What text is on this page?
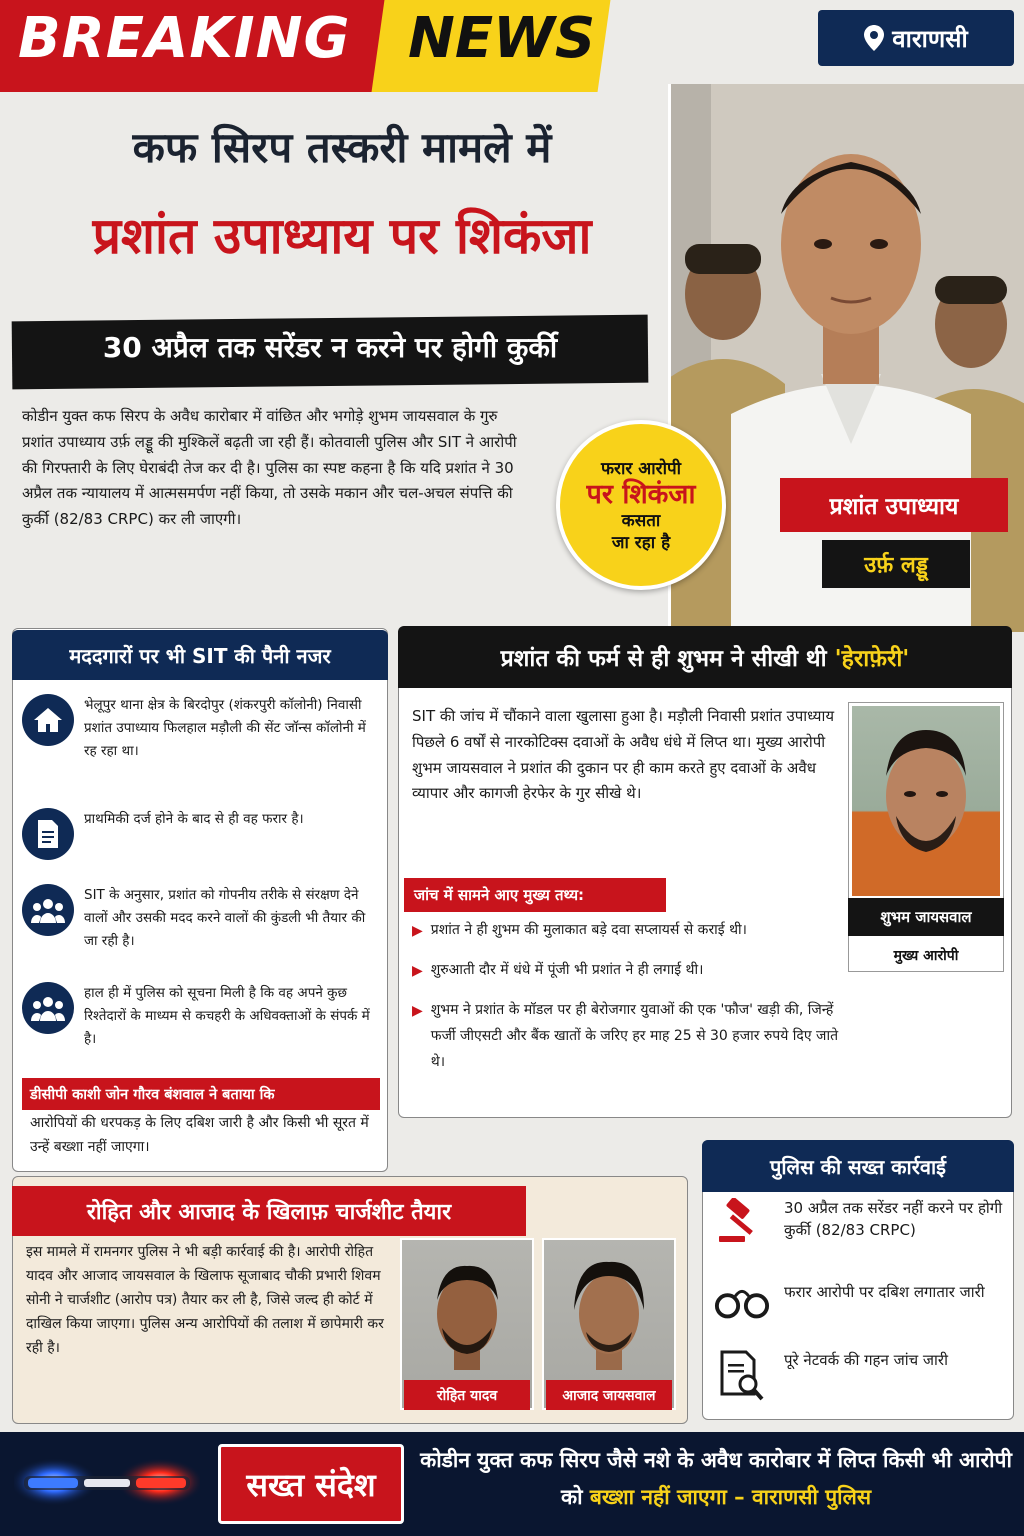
BREAKING NEWS	वाराणसी
कफ सिरप तस्करी मामले में
प्रशांत उपाध्याय पर शिकंजा
30 अप्रैल तक सरेंडर न करने पर होगी कुर्की
कोडीन युक्त कफ सिरप के अवैध कारोबार में वांछित और भगोड़े शुभम जायसवाल के गुरु प्रशांत उपाध्याय उर्फ़ लड्डू की मुश्किलें बढ़ती जा रही हैं। कोतवाली पुलिस और SIT ने आरोपी की गिरफ्तारी के लिए घेराबंदी तेज कर दी है। पुलिस का स्पष्ट कहना है कि यदि प्रशांत ने 30 अप्रैल तक न्यायालय में आत्मसमर्पण नहीं किया, तो उसके मकान और चल-अचल संपत्ति की कुर्की (82/83 CRPC) कर ली जाएगी।
फरार आरोपी
पर शिकंजा
कसता
जा रहा है
प्रशांत उपाध्याय
उर्फ़ लड्डू
मददगारों पर भी SIT की पैनी नजर
भेलूपुर थाना क्षेत्र के बिरदोपुर (शंकरपुरी कॉलोनी) निवासी प्रशांत उपाध्याय फिलहाल मड़ौली की सेंट जॉन्स कॉलोनी में रह रहा था।
प्राथमिकी दर्ज होने के बाद से ही वह फरार है।
SIT के अनुसार, प्रशांत को गोपनीय तरीके से संरक्षण देने वालों और उसकी मदद करने वालों की कुंडली भी तैयार की जा रही है।
हाल ही में पुलिस को सूचना मिली है कि वह अपने कुछ रिश्तेदारों के माध्यम से कचहरी के अधिवक्ताओं के संपर्क में है।
डीसीपी काशी जोन गौरव बंशवाल ने बताया कि
आरोपियों की धरपकड़ के लिए दबिश जारी है और किसी भी सूरत में उन्हें बख्शा नहीं जाएगा।
प्रशांत की फर्म से ही शुभम ने सीखी थी
'हेराफ़ेरी'
SIT की जांच में चौंकाने वाला खुलासा हुआ है। मड़ौली निवासी प्रशांत उपाध्याय पिछले 6 वर्षों से नारकोटिक्स दवाओं के अवैध धंधे में लिप्त था। मुख्य आरोपी शुभम जायसवाल ने प्रशांत की दुकान पर ही काम करते हुए दवाओं के अवैध व्यापार और कागजी हेरफेर के गुर सीखे थे।
जांच में सामने आए मुख्य तथ्य:
▶ प्रशांत ने ही शुभम की मुलाकात बड़े दवा सप्लायर्स से कराई थी।
▶ शुरुआती दौर में धंधे में पूंजी भी प्रशांत ने ही लगाई थी।
▶ शुभम ने प्रशांत के मॉडल पर ही बेरोजगार युवाओं की एक 'फौज' खड़ी की, जिन्हें फर्जी जीएसटी और बैंक खातों के जरिए हर माह 25 से 30 हजार रुपये दिए जाते थे।
शुभम जायसवाल
मुख्य आरोपी
रोहित और आजाद के खिलाफ़ चार्जशीट तैयार
इस मामले में रामनगर पुलिस ने भी बड़ी कार्रवाई की है। आरोपी रोहित यादव और आजाद जायसवाल के खिलाफ सूजाबाद चौकी प्रभारी शिवम सोनी ने चार्जशीट (आरोप पत्र) तैयार कर ली है, जिसे जल्द ही कोर्ट में दाखिल किया जाएगा। पुलिस अन्य आरोपियों की तलाश में छापेमारी कर रही है।
रोहित यादव	आजाद जायसवाल
पुलिस की सख्त कार्रवाई
30 अप्रैल तक सरेंडर नहीं करने पर होगी कुर्की (82/83 CRPC)
फरार आरोपी पर दबिश लगातार जारी
पूरे नेटवर्क की गहन जांच जारी
सख्त संदेश
कोडीन युक्त कफ सिरप जैसे नशे के अवैध कारोबार में लिप्त किसी भी आरोपी को बख्शा नहीं जाएगा – वाराणसी पुलिस
